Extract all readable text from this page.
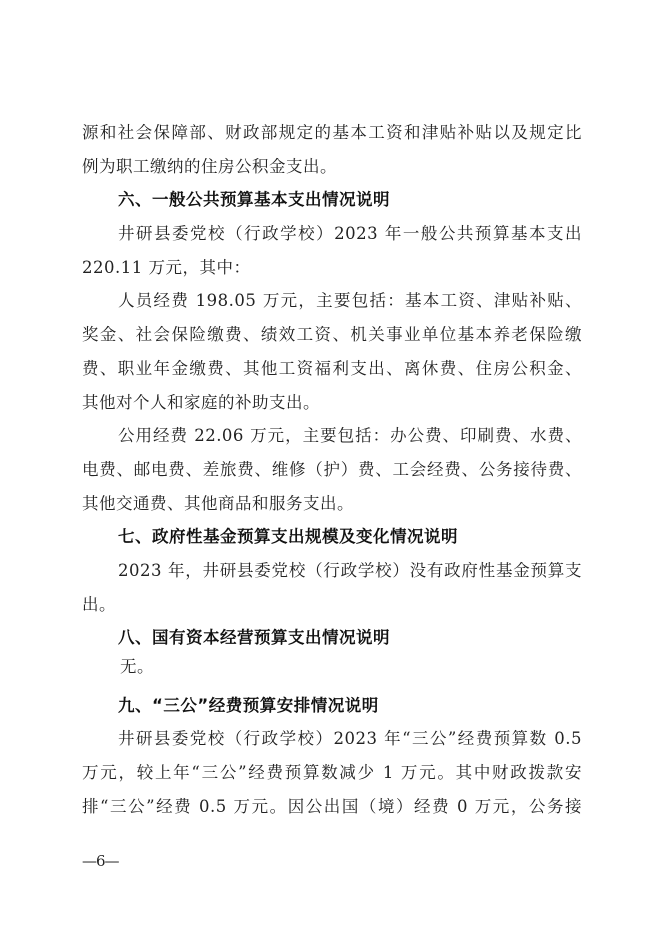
源和社会保障部、财政部规定的基本工资和津贴补贴以及规定比
例为职工缴纳的住房公积金支出。
六、一般公共预算基本支出情况说明
井研县委党校（行政学校）2023 年一般公共预算基本支出
220.11 万元，其中：
人员经费 198.05 万元，主要包括：基本工资、津贴补贴、
奖金、社会保险缴费、绩效工资、机关事业单位基本养老保险缴
费、职业年金缴费、其他工资福利支出、离休费、住房公积金、
其他对个人和家庭的补助支出。
公用经费 22.06 万元，主要包括：办公费、印刷费、水费、
电费、邮电费、差旅费、维修（护）费、工会经费、公务接待费、
其他交通费、其他商品和服务支出。
七、政府性基金预算支出规模及变化情况说明
2023 年，井研县委党校（行政学校）没有政府性基金预算支
出。
八、国有资本经营预算支出情况说明
无。
九、“三公”经费预算安排情况说明
井研县委党校（行政学校）2023 年“三公”经费预算数 0.5
万元，较上年“三公”经费预算数减少 1 万元。其中财政拨款安
排“三公”经费 0.5 万元。因公出国（境）经费 0 万元，公务接
—6—
